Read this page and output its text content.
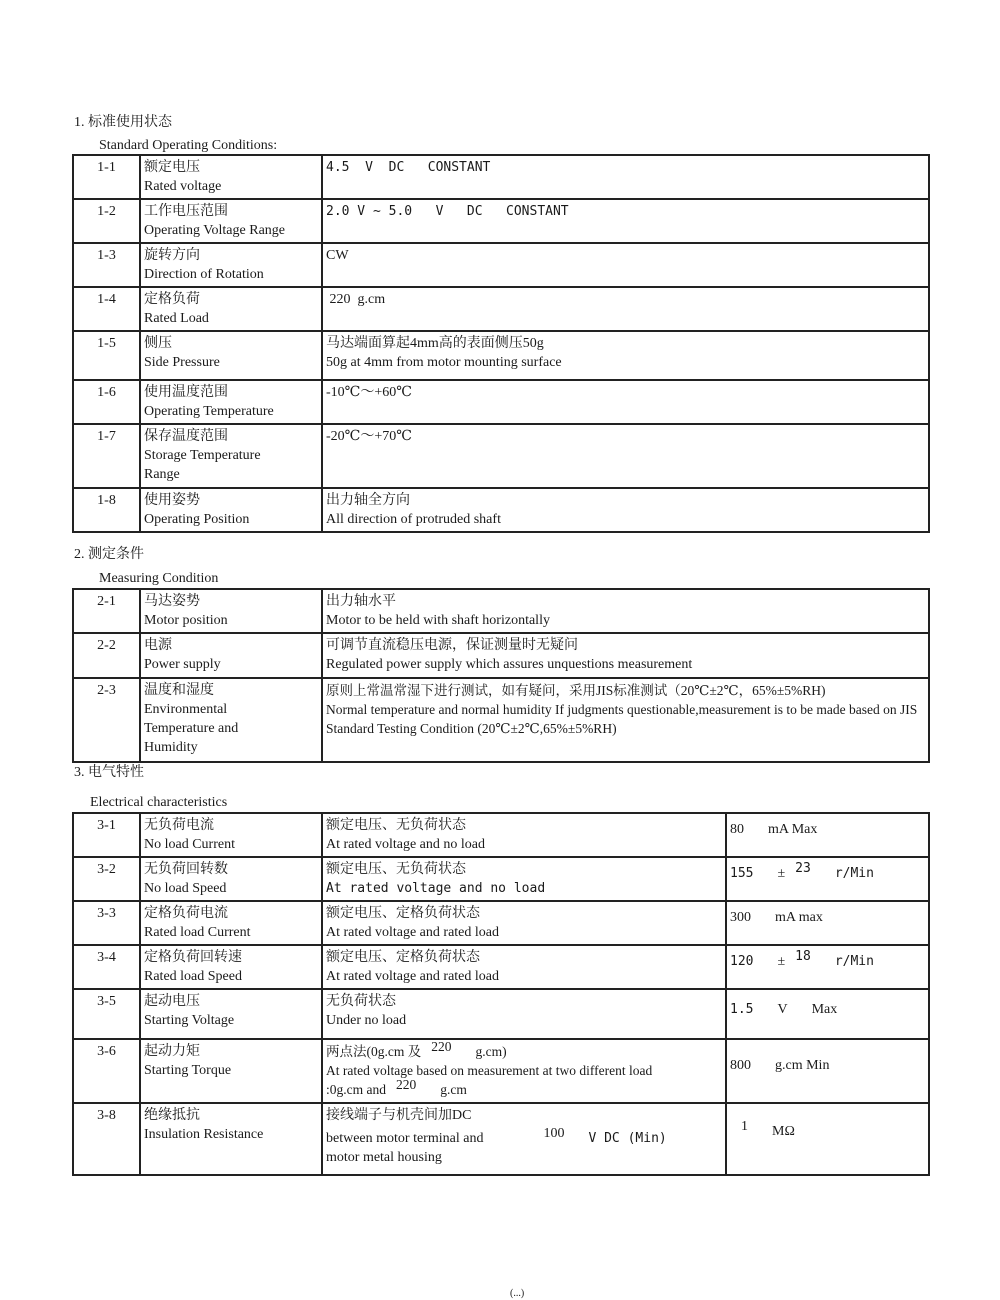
1. 标准使用状态
Standard Operating Conditions:
1-1	额定电压
Rated voltage	4.5  V  DC   CONSTANT
1-2	工作电压范围
Operating Voltage Range	2.0 V ~ 5.0   V   DC   CONSTANT
1-3	旋转方向
Direction of Rotation	CW
1-4	定格负荷
Rated Load	220  g.cm
1-5	侧压
Side Pressure	马达端面算起4mm高的表面侧压50g
50g at 4mm from motor mounting surface

1-6	使用温度范围
Operating Temperature	-10℃～+60℃
1-7	保存温度范围
Storage Temperature
Range	-20℃～+70℃
1-8	使用姿势
Operating Position	出力轴全方向
All direction of protruded shaft
2. 测定条件
Measuring Condition
2-1	马达姿势
Motor position	出力轴水平
Motor to be held with shaft horizontally

2-2	电源
Power supply	可调节直流稳压电源，保证测量时无疑问
Regulated power supply which assures unquestions measurement

2-3	温度和湿度
Environmental
Temperature and
Humidity	原则上常温常湿下进行测试，如有疑问，采用JIS标准测试（20℃±2℃，65%±5%RH)
Normal temperature and normal humidity If judgments questionable,measurement is to be made based on JIS Standard Testing Condition (20℃±2℃,65%±5%RH)
3. 电气特性
Electrical characteristics
3-1	无负荷电流
No load Current	额定电压、无负荷状态
At rated voltage and no load	80 mA Max
3-2	无负荷回转数
No load Speed	额定电压、无负荷状态
At rated voltage and no load	155 ± 23 r/Min
3-3	定格负荷电流
Rated load Current	额定电压、定格负荷状态
At rated voltage and rated load	300 mA max
3-4	定格负荷回转速
Rated load Speed	额定电压、定格负荷状态
At rated voltage and rated load	120 ± 18 r/Min
3-5	起动电压
Starting Voltage	无负荷状态
Under no load	1.5 V Max
3-6	起动力矩
Starting Torque	两点法(0g.cm 及 220 g.cm)
At rated voltage based on measurement at two different load
:0g.cm and 220 g.cm	800 g.cm Min
3-8	绝缘抵抗
Insulation Resistance	接线端子与机壳间加DC
between motor terminal and 100 V DC (Min)
motor metal housing	1 MΩ
(...)
